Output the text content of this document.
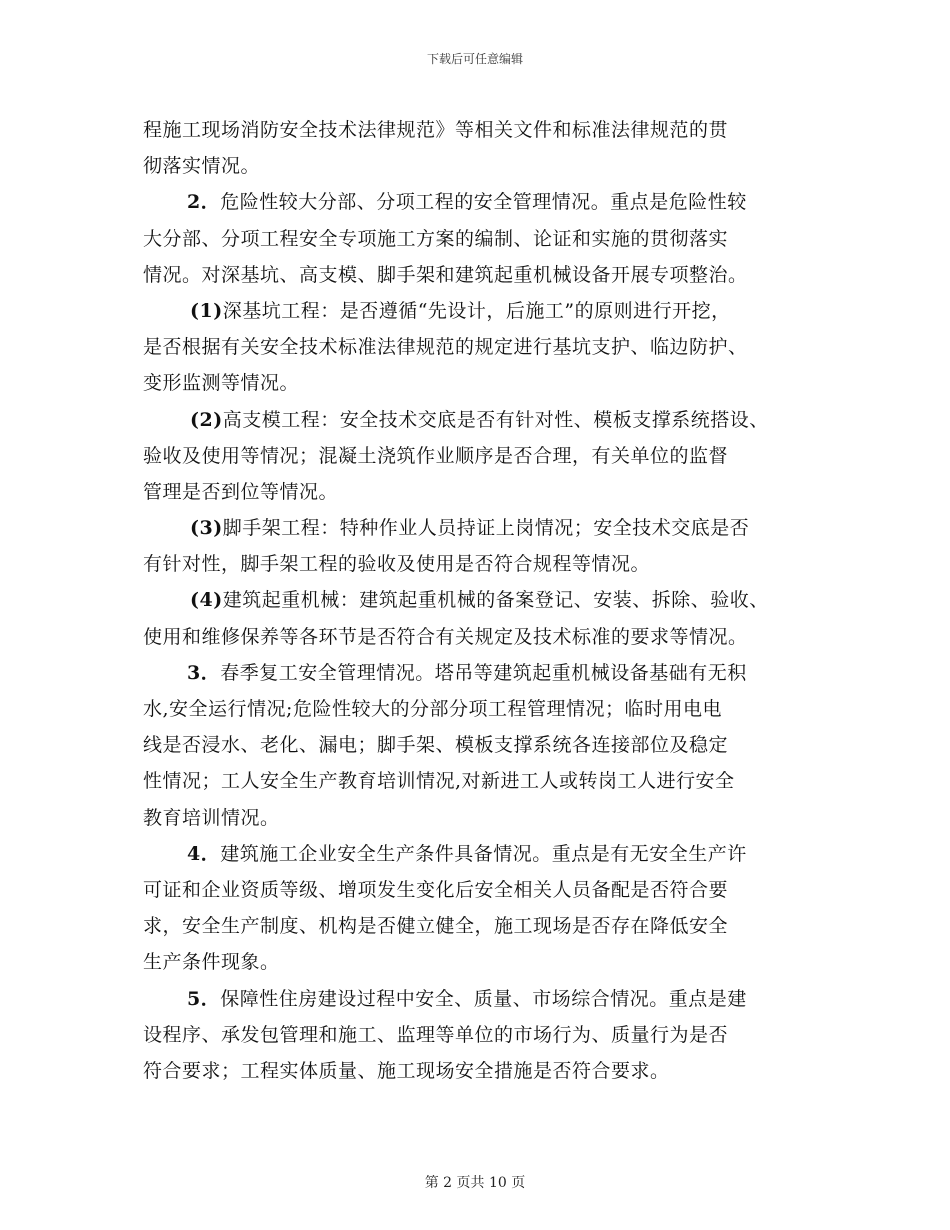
下载后可任意编辑
程施工现场消防安全技术法律规范》等相关文件和标准法律规范的贯
彻落实情况。
2．危险性较大分部、分项工程的安全管理情况。重点是危险性较
大分部、分项工程安全专项施工方案的编制、论证和实施的贯彻落实
情况。对深基坑、高支模、脚手架和建筑起重机械设备开展专项整治。
(1)深基坑工程：是否遵循“先设计，后施工”的原则进行开挖，
是否根据有关安全技术标准法律规范的规定进行基坑支护、临边防护、
变形监测等情况。
(2)高支模工程：安全技术交底是否有针对性、模板支撑系统搭设、
验收及使用等情况；混凝土浇筑作业顺序是否合理，有关单位的监督
管理是否到位等情况。
(3)脚手架工程：特种作业人员持证上岗情况；安全技术交底是否
有针对性，脚手架工程的验收及使用是否符合规程等情况。
(4)建筑起重机械：建筑起重机械的备案登记、安装、拆除、验收、
使用和维修保养等各环节是否符合有关规定及技术标准的要求等情况。
3．春季复工安全管理情况。塔吊等建筑起重机械设备基础有无积
水,安全运行情况;危险性较大的分部分项工程管理情况；临时用电电
线是否浸水、老化、漏电；脚手架、模板支撑系统各连接部位及稳定
性情况；工人安全生产教育培训情况,对新进工人或转岗工人进行安全
教育培训情况。
4．建筑施工企业安全生产条件具备情况。重点是有无安全生产许
可证和企业资质等级、增项发生变化后安全相关人员备配是否符合要
求，安全生产制度、机构是否健立健全，施工现场是否存在降低安全
生产条件现象。
5．保障性住房建设过程中安全、质量、市场综合情况。重点是建
设程序、承发包管理和施工、监理等单位的市场行为、质量行为是否
符合要求；工程实体质量、施工现场安全措施是否符合要求。
第 2 页共 10 页
